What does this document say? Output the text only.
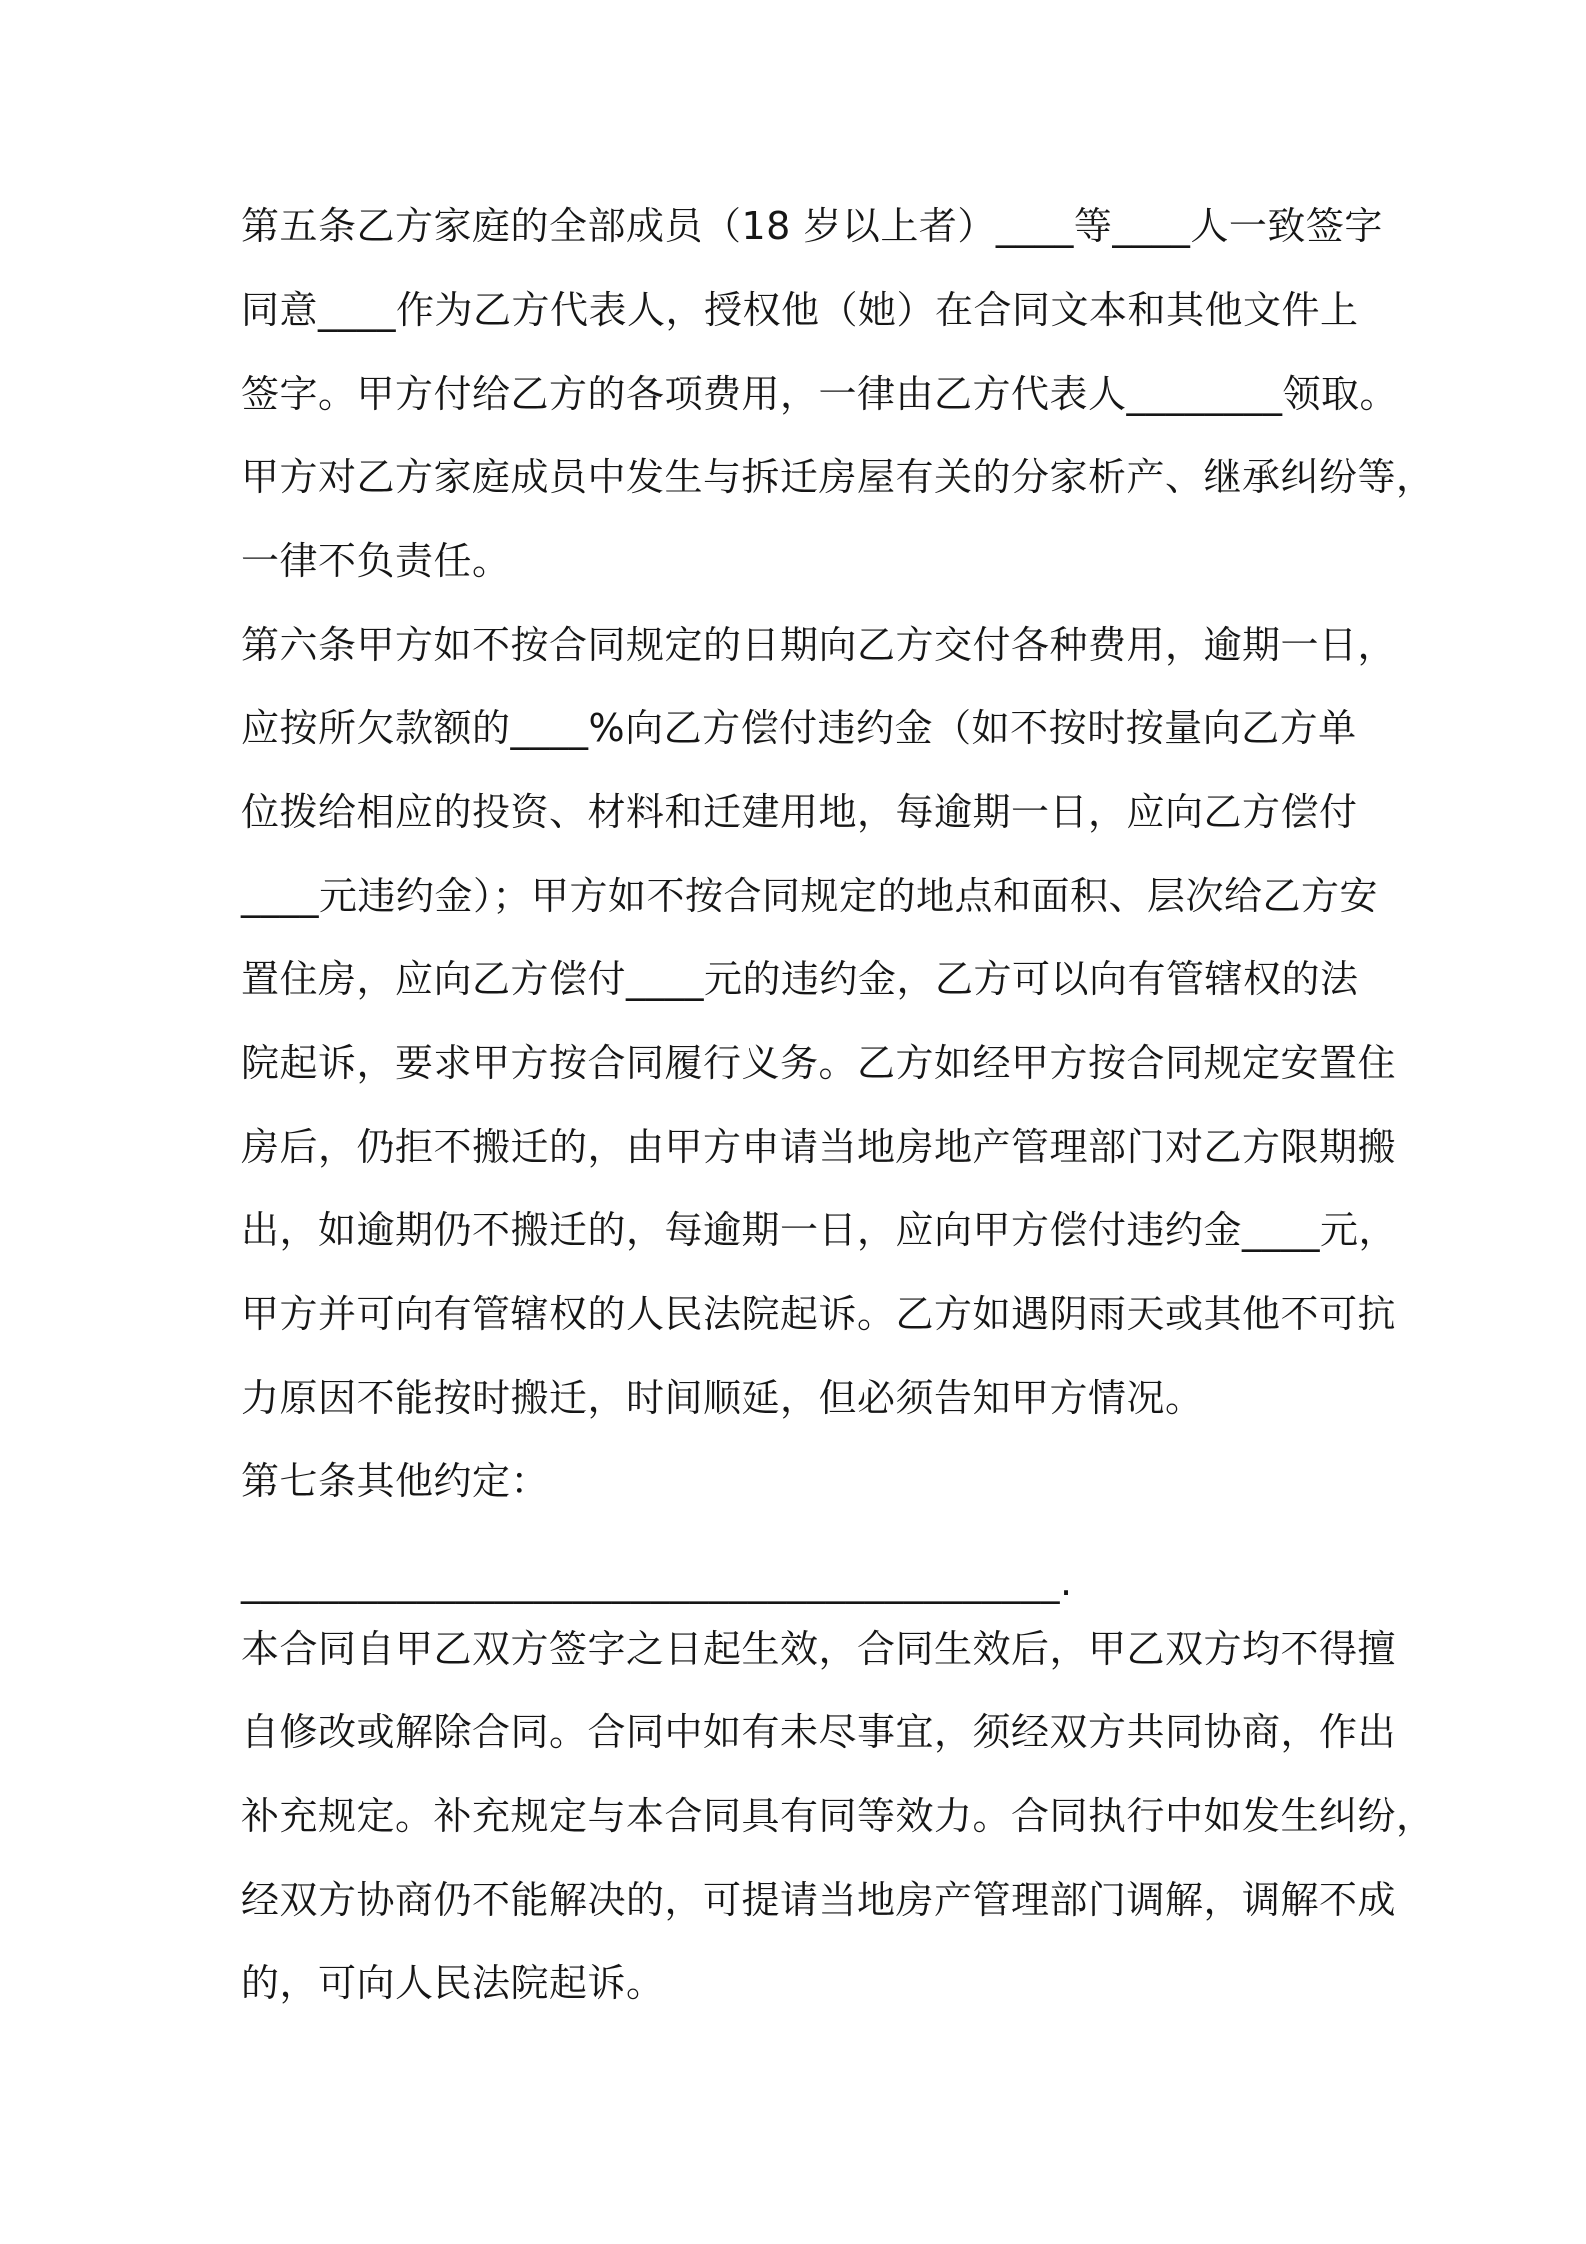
第五条乙方家庭的全部成员（18 岁以上者）____等____人一致签字
同意____作为乙方代表人，授权他（她）在合同文本和其他文件上
签字。甲方付给乙方的各项费用，一律由乙方代表人________领取。
甲方对乙方家庭成员中发生与拆迁房屋有关的分家析产、继承纠纷等，
一律不负责任。
第六条甲方如不按合同规定的日期向乙方交付各种费用，逾期一日，
应按所欠款额的____%向乙方偿付违约金（如不按时按量向乙方单
位拨给相应的投资、材料和迁建用地，每逾期一日，应向乙方偿付
____元违约金）；甲方如不按合同规定的地点和面积、层次给乙方安
置住房，应向乙方偿付____元的违约金，乙方可以向有管辖权的法
院起诉，要求甲方按合同履行义务。乙方如经甲方按合同规定安置住
房后，仍拒不搬迁的，由甲方申请当地房地产管理部门对乙方限期搬
出，如逾期仍不搬迁的，每逾期一日，应向甲方偿付违约金____元，
甲方并可向有管辖权的人民法院起诉。乙方如遇阴雨天或其他不可抗
力原因不能按时搬迁，时间顺延，但必须告知甲方情况。
第七条其他约定：
__________________________________________.
本合同自甲乙双方签字之日起生效，合同生效后，甲乙双方均不得擅
自修改或解除合同。合同中如有未尽事宜，须经双方共同协商，作出
补充规定。补充规定与本合同具有同等效力。合同执行中如发生纠纷，
经双方协商仍不能解决的，可提请当地房产管理部门调解，调解不成
的，可向人民法院起诉。
